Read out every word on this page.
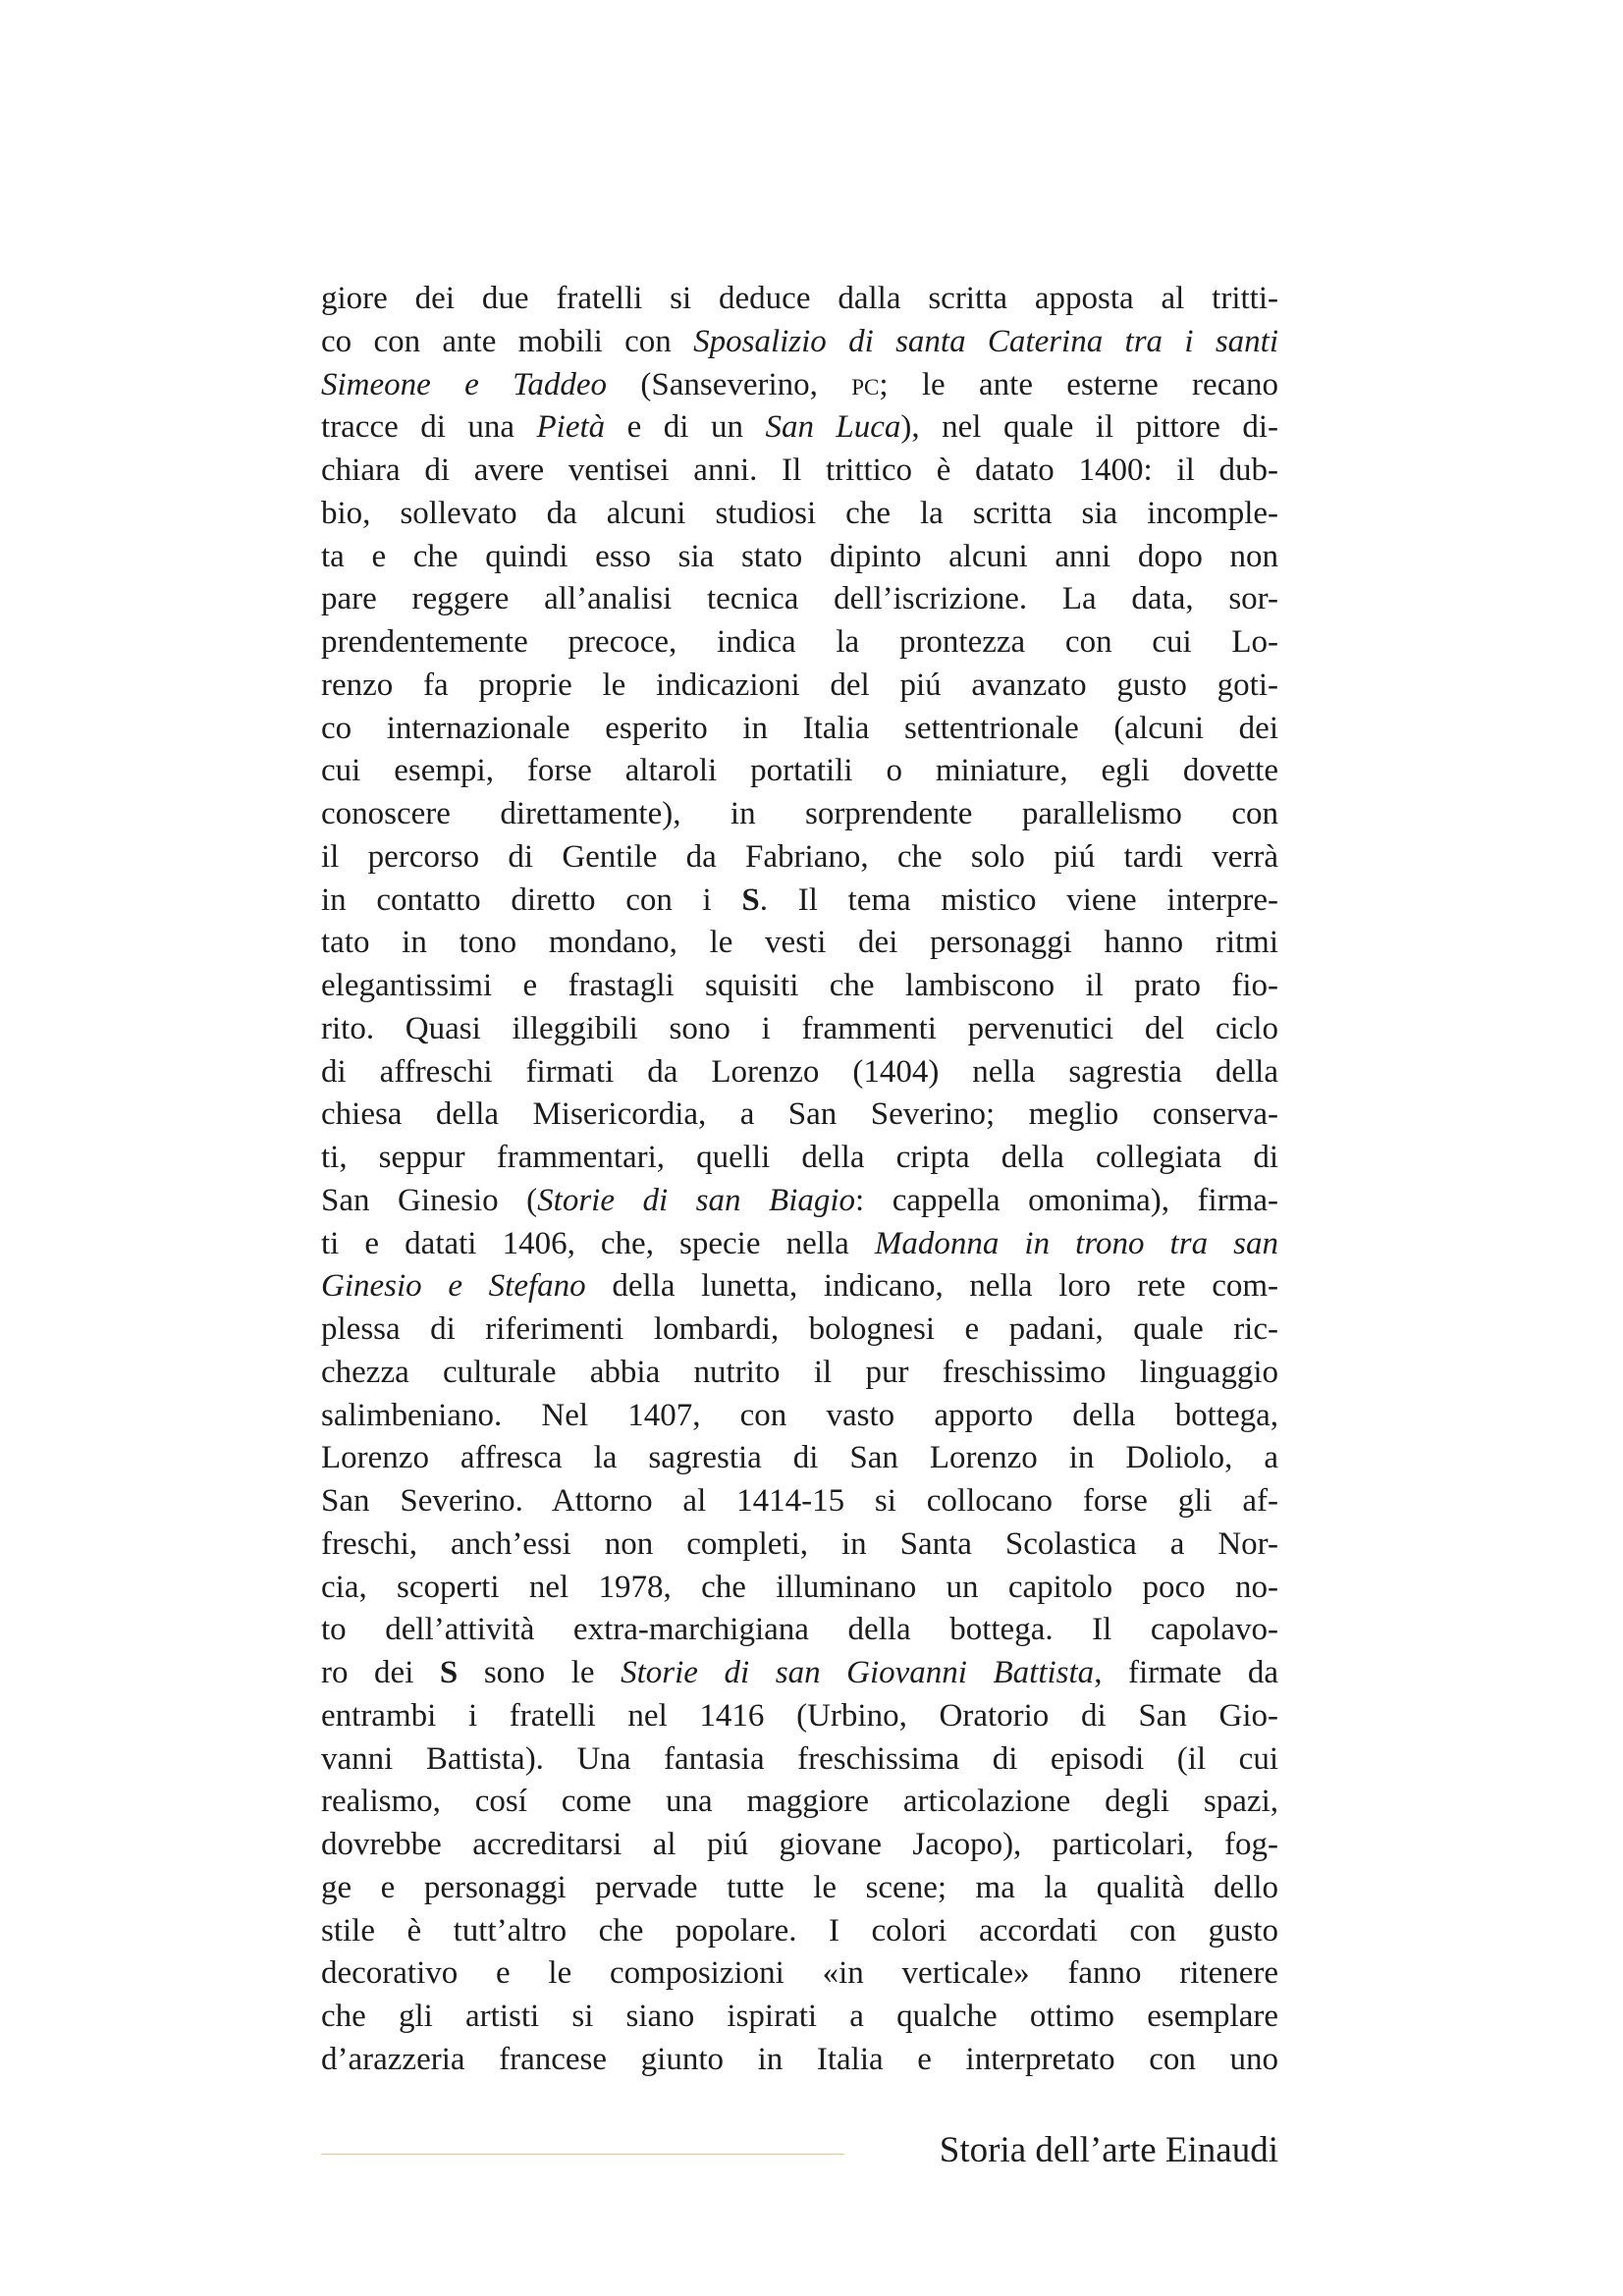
giore dei due fratelli si deduce dalla scritta apposta al tritti-
co con ante mobili con Sposalizio di santa Caterina tra i santi
Simeone e Taddeo (Sanseverino, pc; le ante esterne recano
tracce di una Pietà e di un San Luca), nel quale il pittore di-
chiara di avere ventisei anni. Il trittico è datato 1400: il dub-
bio, sollevato da alcuni studiosi che la scritta sia incomple-
ta e che quindi esso sia stato dipinto alcuni anni dopo non
pare reggere all’analisi tecnica dell’iscrizione. La data, sor-
prendentemente precoce, indica la prontezza con cui Lo-
renzo fa proprie le indicazioni del piú avanzato gusto goti-
co internazionale esperito in Italia settentrionale (alcuni dei
cui esempi, forse altaroli portatili o miniature, egli dovette
conoscere direttamente), in sorprendente parallelismo con
il percorso di Gentile da Fabriano, che solo piú tardi verrà
in contatto diretto con i S. Il tema mistico viene interpre-
tato in tono mondano, le vesti dei personaggi hanno ritmi
elegantissimi e frastagli squisiti che lambiscono il prato fio-
rito. Quasi illeggibili sono i frammenti pervenutici del ciclo
di affreschi firmati da Lorenzo (1404) nella sagrestia della
chiesa della Misericordia, a San Severino; meglio conserva-
ti, seppur frammentari, quelli della cripta della collegiata di
San Ginesio (Storie di san Biagio: cappella omonima), firma-
ti e datati 1406, che, specie nella Madonna in trono tra san
Ginesio e Stefano della lunetta, indicano, nella loro rete com-
plessa di riferimenti lombardi, bolognesi e padani, quale ric-
chezza culturale abbia nutrito il pur freschissimo linguaggio
salimbeniano. Nel 1407, con vasto apporto della bottega,
Lorenzo affresca la sagrestia di San Lorenzo in Doliolo, a
San Severino. Attorno al 1414-15 si collocano forse gli af-
freschi, anch’essi non completi, in Santa Scolastica a Nor-
cia, scoperti nel 1978, che illuminano un capitolo poco no-
to dell’attività extra-marchigiana della bottega. Il capolavo-
ro dei S sono le Storie di san Giovanni Battista, firmate da
entrambi i fratelli nel 1416 (Urbino, Oratorio di San Gio-
vanni Battista). Una fantasia freschissima di episodi (il cui
realismo, cosí come una maggiore articolazione degli spazi,
dovrebbe accreditarsi al piú giovane Jacopo), particolari, fog-
ge e personaggi pervade tutte le scene; ma la qualità dello
stile è tutt’altro che popolare. I colori accordati con gusto
decorativo e le composizioni «in verticale» fanno ritenere
che gli artisti si siano ispirati a qualche ottimo esemplare
d’arazzeria francese giunto in Italia e interpretato con uno
Storia dell’arte Einaudi
